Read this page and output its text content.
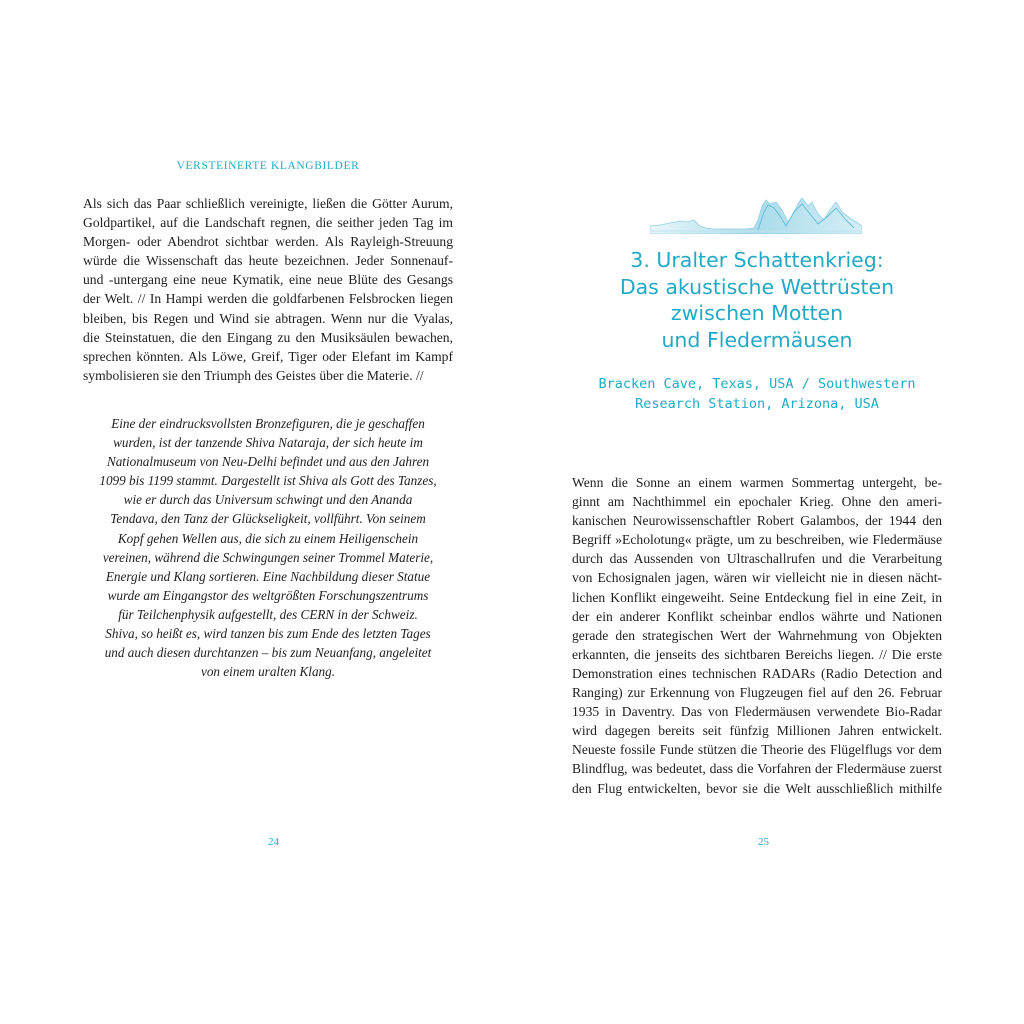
VERSTEINERTE KLANGBILDER
Als sich das Paar schließlich vereinigte, ließen die Götter Aurum,
Goldpartikel, auf die Landschaft regnen, die seither jeden Tag im
Morgen- oder Abendrot sichtbar werden. Als Rayleigh-Streuung
würde die Wissenschaft das heute bezeichnen. Jeder Sonnenauf-
und -untergang eine neue Kymatik, eine neue Blüte des Gesangs
der Welt. // In Hampi werden die goldfarbenen Felsbrocken liegen
bleiben, bis Regen und Wind sie abtragen. Wenn nur die Vyalas,
die Steinstatuen, die den Eingang zu den Musiksäulen bewachen,
sprechen könnten. Als Löwe, Greif, Tiger oder Elefant im Kampf
symbolisieren sie den Triumph des Geistes über die Materie. //
Eine der eindrucksvollsten Bronzefiguren, die je geschaffen
wurden, ist der tanzende Shiva Nataraja, der sich heute im
Nationalmuseum von Neu-Delhi befindet und aus den Jahren
1099 bis 1199 stammt. Dargestellt ist Shiva als Gott des Tanzes,
wie er durch das Universum schwingt und den Ananda
Tendava, den Tanz der Glückseligkeit, vollführt. Von seinem
Kopf gehen Wellen aus, die sich zu einem Heiligenschein
vereinen, während die Schwingungen seiner Trommel Materie,
Energie und Klang sortieren. Eine Nachbildung dieser Statue
wurde am Eingangstor des weltgrößten Forschungszentrums
für Teilchenphysik aufgestellt, des CERN in der Schweiz.
Shiva, so heißt es, wird tanzen bis zum Ende des letzten Tages
und auch diesen durchtanzen – bis zum Neuanfang, angeleitet
von einem uralten Klang.
24
3. Uralter Schattenkrieg:
Das akustische Wettrüsten
zwischen Motten
und Fledermäusen
Bracken Cave, Texas, USA / Southwestern
Research Station, Arizona, USA
Wenn die Sonne an einem warmen Sommertag untergeht, be-
ginnt am Nachthimmel ein epochaler Krieg. Ohne den ameri-
kanischen Neurowissenschaftler Robert Galambos, der 1944 den
Begriff »Echolotung« prägte, um zu beschreiben, wie Fledermäuse
durch das Aussenden von Ultraschallrufen und die Verarbeitung
von Echosignalen jagen, wären wir vielleicht nie in diesen nächt-
lichen Konflikt eingeweiht. Seine Entdeckung fiel in eine Zeit, in
der ein anderer Konflikt scheinbar endlos währte und Nationen
gerade den strategischen Wert der Wahrnehmung von Objekten
erkannten, die jenseits des sichtbaren Bereichs liegen. // Die erste
Demonstration eines technischen RADARs (Radio Detection and
Ranging) zur Erkennung von Flugzeugen fiel auf den 26. Februar
1935 in Daventry. Das von Fledermäusen verwendete Bio-Radar
wird dagegen bereits seit fünfzig Millionen Jahren entwickelt.
Neueste fossile Funde stützen die Theorie des Flügelflugs vor dem
Blindflug, was bedeutet, dass die Vorfahren der Fledermäuse zuerst
den Flug entwickelten, bevor sie die Welt ausschließlich mithilfe
25
